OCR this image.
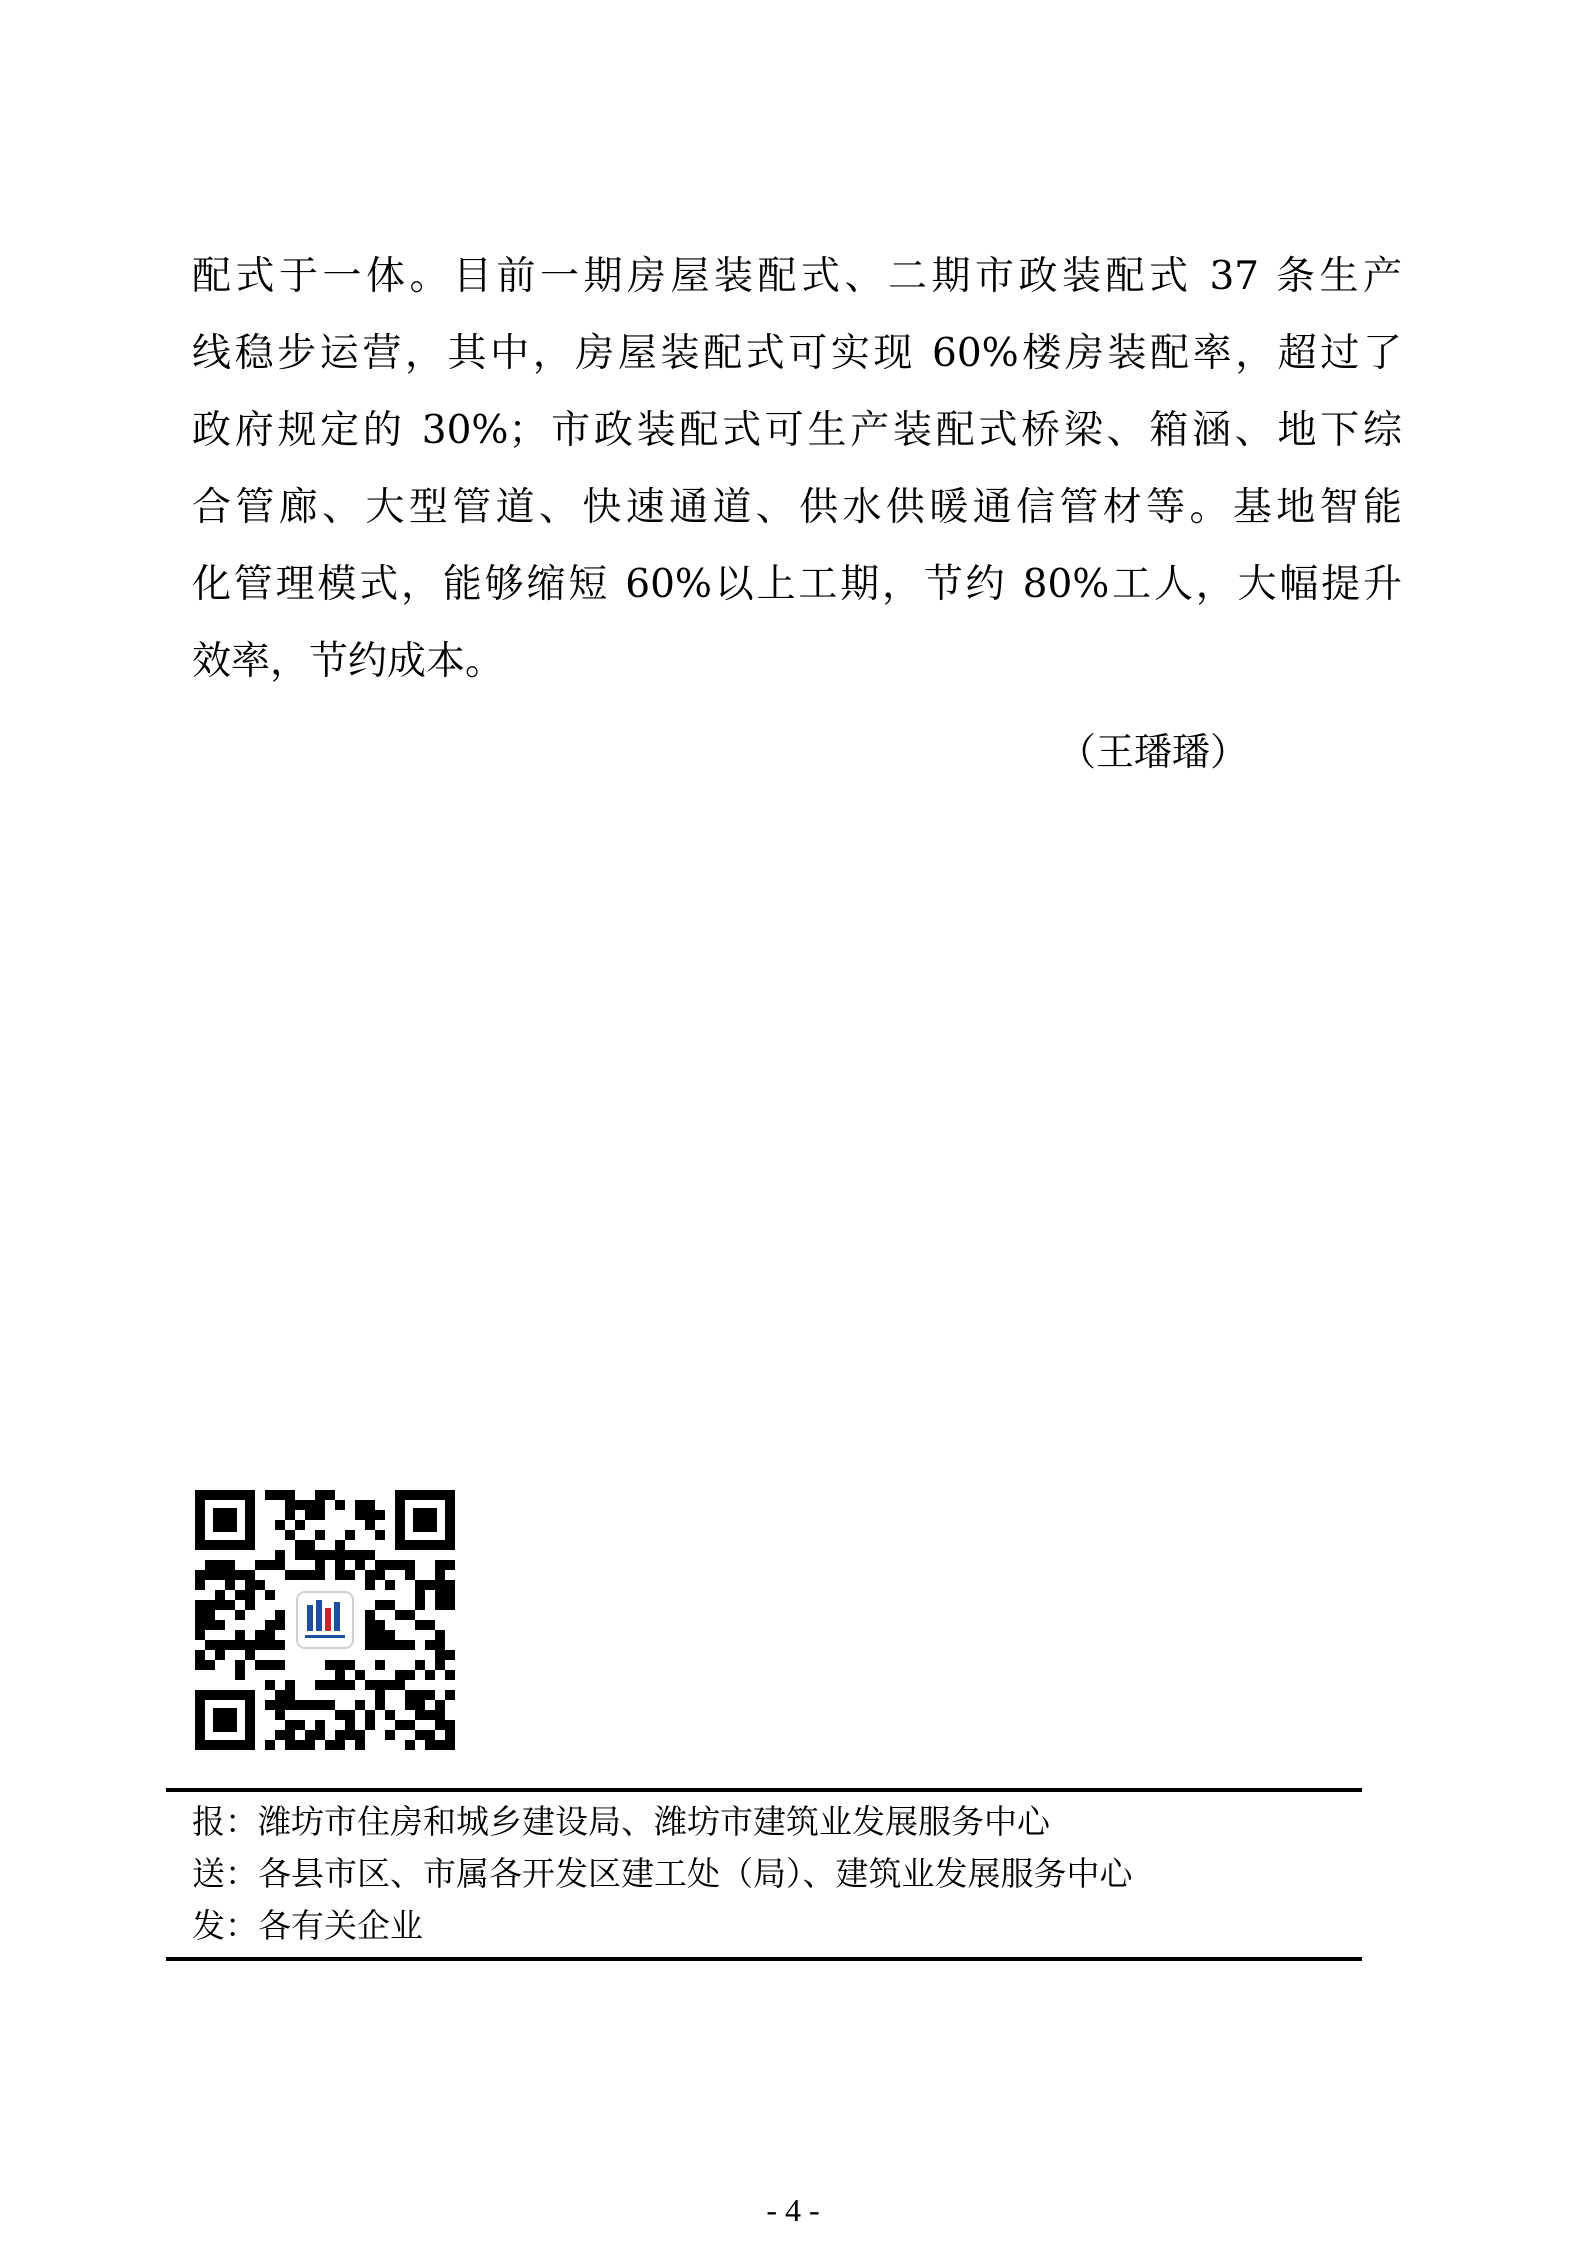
配式于一体。目前一期房屋装配式、二期市政装配式 37 条生产
线稳步运营，其中，房屋装配式可实现 60%楼房装配率，超过了
政府规定的 30%；市政装配式可生产装配式桥梁、箱涵、地下综
合管廊、大型管道、快速通道、供水供暖通信管材等。基地智能
化管理模式，能够缩短 60%以上工期，节约 80%工人，大幅提升
效率，节约成本。
（王璠璠）
报：潍坊市住房和城乡建设局、潍坊市建筑业发展服务中心
送：各县市区、市属各开发区建工处（局）、建筑业发展服务中心
发：各有关企业
- 4 -
